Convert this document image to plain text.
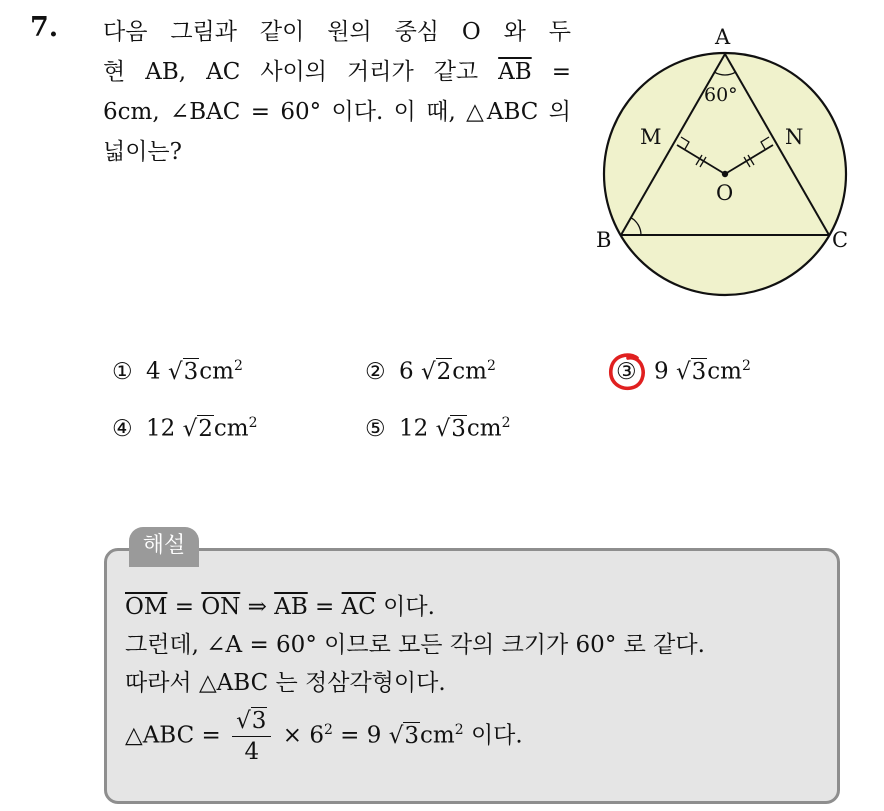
7. 다음 그림과 같이 원의 중심 O 와 두
현 AB, AC 사이의 거리가 같고 $\overline{AB}$ =
6cm, ∠BAC = 60° 이다. 이 때, △ABC 의
넓이는?
A
B	C
M	N
O
60°
① 4 $√3cm^2$	② 6 $√2cm^2$	③ 9 $√3cm^2$
④ 12 $√2cm^2$	⑤ 12 $√3cm^2$
해설
$\overline{OM} = \overline{ON}$ ⇒ $\overline{AB} = \overline{AC}$ 이다.
그런데, ∠A = 60° 이므로 모든 각의 크기가 60° 로 같다.
따라서 △ABC 는 정삼각형이다.
△ABC = $\frac{√3}{4} \times 6^2 = 9$ $√3cm^2$ 이다.
